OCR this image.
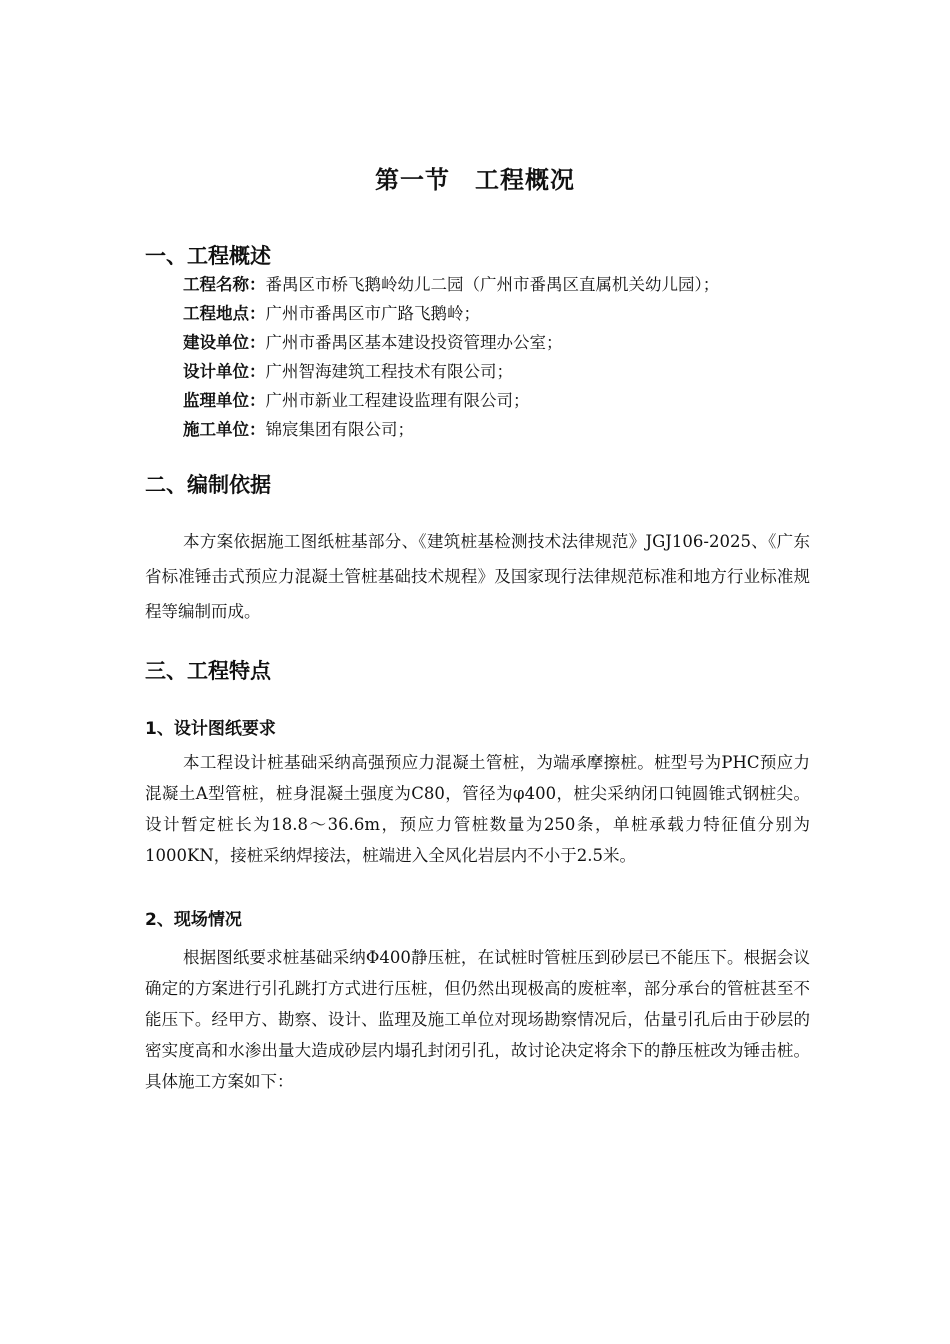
第一节　工程概况
一、工程概述
工程名称：番禺区市桥飞鹅岭幼儿二园（广州市番禺区直属机关幼儿园）；
工程地点：广州市番禺区市广路飞鹅岭；
建设单位：广州市番禺区基本建设投资管理办公室；
设计单位：广州智海建筑工程技术有限公司；
监理单位：广州市新业工程建设监理有限公司；
施工单位：锦宸集团有限公司；
二、编制依据

本方案依据施工图纸桩基部分、《建筑桩基检测技术法律规范》JGJ106-2025、《广东省标准锤击式预应力混凝土管桩基础技术规程》及国家现行法律规范标准和地方行业标准规程等编制而成。

三、工程特点
1、设计图纸要求

本工程设计桩基础采纳高强预应力混凝土管桩，为端承摩擦桩。桩型号为PHC预应力混凝土A型管桩，桩身混凝土强度为C80，管径为φ400，桩尖采纳闭口钝圆锥式钢桩尖。设计暂定桩长为18.8～36.6m，预应力管桩数量为250条，单桩承载力特征值分别为1000KN，接桩采纳焊接法，桩端进入全风化岩层内不小于2.5米。

2、现场情况

根据图纸要求桩基础采纳Φ400静压桩，在试桩时管桩压到砂层已不能压下。根据会议确定的方案进行引孔跳打方式进行压桩，但仍然出现极高的废桩率，部分承台的管桩甚至不能压下。经甲方、勘察、设计、监理及施工单位对现场勘察情况后，估量引孔后由于砂层的密实度高和水渗出量大造成砂层内塌孔封闭引孔，故讨论决定将余下的静压桩改为锤击桩。具体施工方案如下：
